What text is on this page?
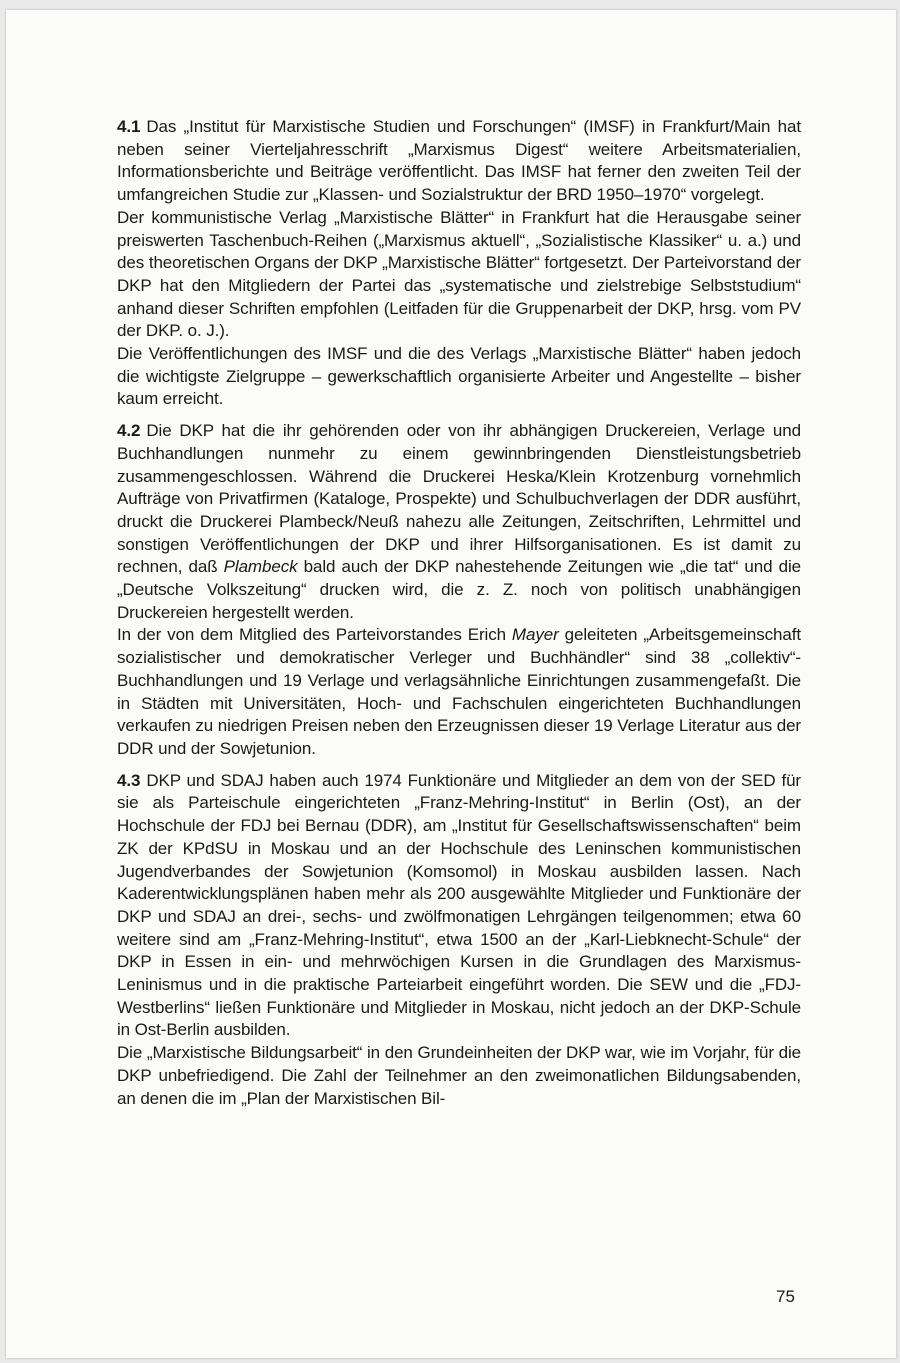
4.1 Das „Institut für Marxistische Studien und Forschungen“ (IMSF) in Frankfurt/Main hat neben seiner Vierteljahresschrift „Marxismus Digest“ weitere Arbeitsmaterialien, Informationsberichte und Beiträge veröffentlicht. Das IMSF hat ferner den zweiten Teil der umfangreichen Studie zur „Klassen- und Sozialstruktur der BRD 1950–1970“ vorgelegt.

Der kommunistische Verlag „Marxistische Blätter“ in Frankfurt hat die Herausgabe seiner preiswerten Taschenbuch-Reihen („Marxismus aktuell“, „Sozialistische Klassiker“ u. a.) und des theoretischen Organs der DKP „Marxistische Blätter“ fortgesetzt. Der Parteivorstand der DKP hat den Mitgliedern der Partei das „systematische und zielstrebige Selbststudium“ anhand dieser Schriften empfohlen (Leitfaden für die Gruppenarbeit der DKP, hrsg. vom PV der DKP. o. J.).

Die Veröffentlichungen des IMSF und die des Verlags „Marxistische Blätter“ haben jedoch die wichtigste Zielgruppe – gewerkschaftlich organisierte Arbeiter und Angestellte – bisher kaum erreicht.

4.2 Die DKP hat die ihr gehörenden oder von ihr abhängigen Druckereien, Verlage und Buchhandlungen nunmehr zu einem gewinnbringenden Dienstleistungsbetrieb zusammengeschlossen. Während die Druckerei Heska/Klein Krotzenburg vornehmlich Aufträge von Privatfirmen (Kataloge, Prospekte) und Schulbuchverlagen der DDR ausführt, druckt die Druckerei Plambeck/Neuß nahezu alle Zeitungen, Zeitschriften, Lehrmittel und sonstigen Veröffentlichungen der DKP und ihrer Hilfsorganisationen. Es ist damit zu rechnen, daß Plambeck bald auch der DKP nahestehende Zeitungen wie „die tat“ und die „Deutsche Volkszeitung“ drucken wird, die z. Z. noch von politisch unabhängigen Druckereien hergestellt werden.

In der von dem Mitglied des Parteivorstandes Erich Mayer geleiteten „Arbeitsgemeinschaft sozialistischer und demokratischer Verleger und Buchhändler“ sind 38 „collektiv“-Buchhandlungen und 19 Verlage und verlagsähnliche Einrichtungen zusammengefaßt. Die in Städten mit Universitäten, Hoch- und Fachschulen eingerichteten Buchhandlungen verkaufen zu niedrigen Preisen neben den Erzeugnissen dieser 19 Verlage Literatur aus der DDR und der Sowjetunion.

4.3 DKP und SDAJ haben auch 1974 Funktionäre und Mitglieder an dem von der SED für sie als Parteischule eingerichteten „Franz-Mehring-Institut“ in Berlin (Ost), an der Hochschule der FDJ bei Bernau (DDR), am „Institut für Gesellschaftswissenschaften“ beim ZK der KPdSU in Moskau und an der Hochschule des Leninschen kommunistischen Jugendverbandes der Sowjetunion (Komsomol) in Moskau ausbilden lassen. Nach Kaderentwicklungsplänen haben mehr als 200 ausgewählte Mitglieder und Funktionäre der DKP und SDAJ an drei-, sechs- und zwölfmonatigen Lehrgängen teilgenommen; etwa 60 weitere sind am „Franz-Mehring-Institut“, etwa 1500 an der „Karl-Liebknecht-Schule“ der DKP in Essen in ein- und mehrwöchigen Kursen in die Grundlagen des Marxismus-Leninismus und in die praktische Parteiarbeit eingeführt worden. Die SEW und die „FDJ-Westberlins“ ließen Funktionäre und Mitglieder in Moskau, nicht jedoch an der DKP-Schule in Ost-Berlin ausbilden.

Die „Marxistische Bildungsarbeit“ in den Grundeinheiten der DKP war, wie im Vorjahr, für die DKP unbefriedigend. Die Zahl der Teilnehmer an den zweimonatlichen Bildungsabenden, an denen die im „Plan der Marxistischen Bil-

75
